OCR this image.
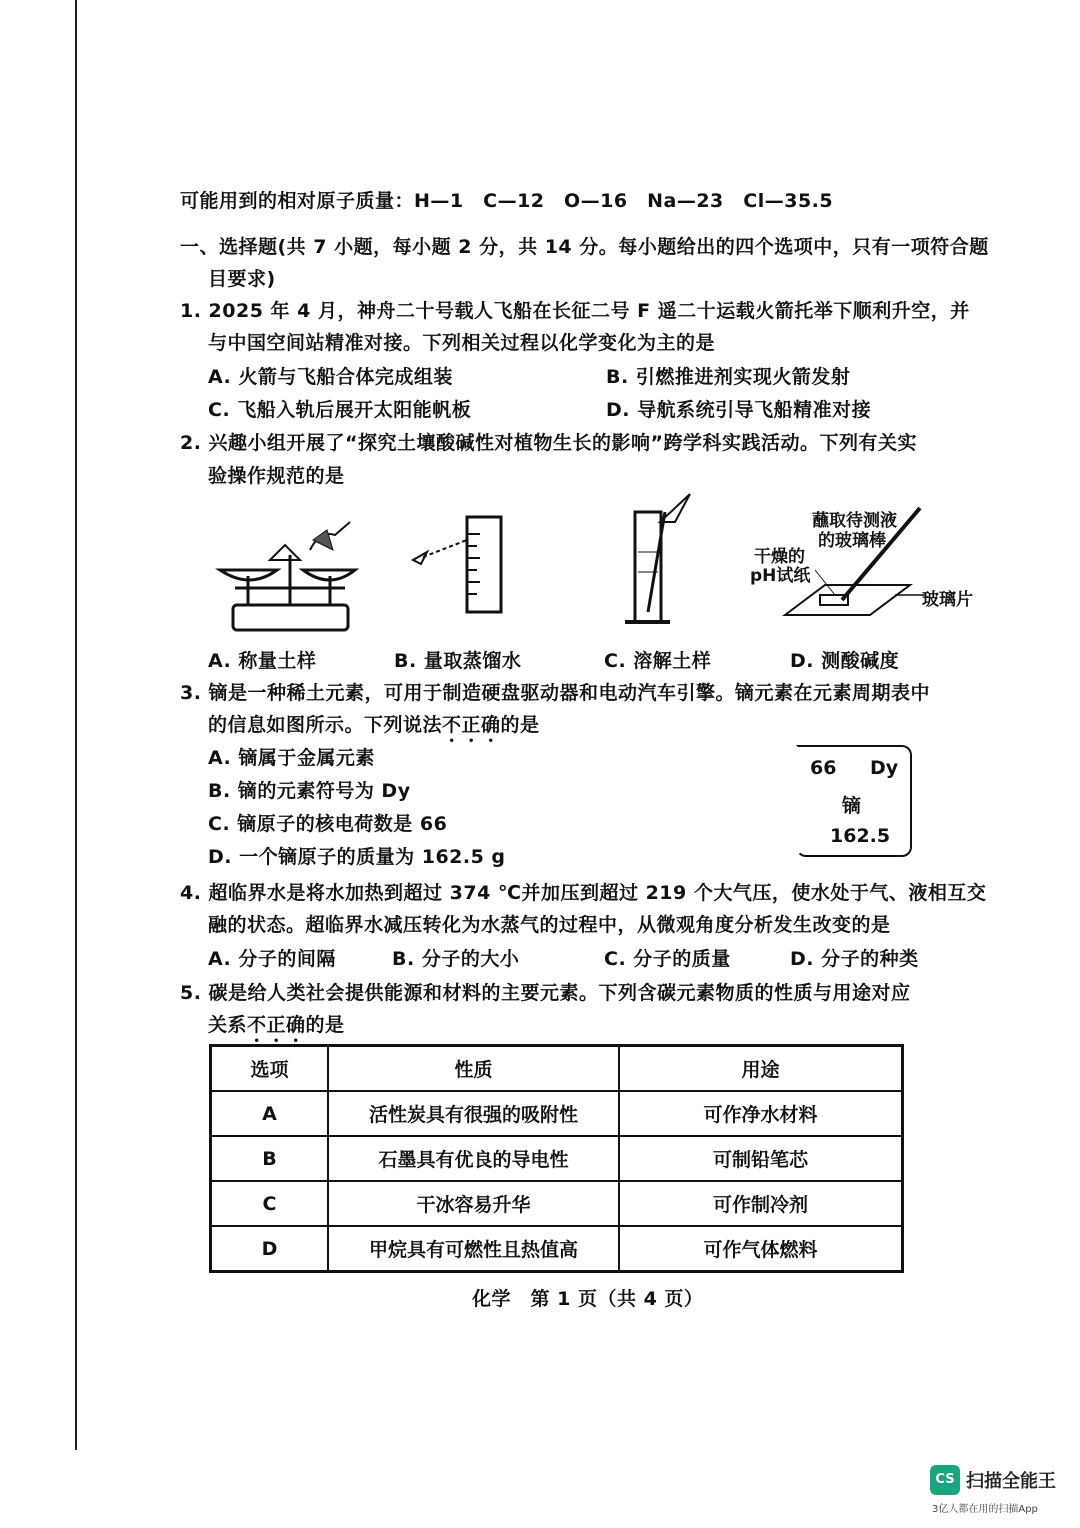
可能用到的相对原子质量：H—1　C—12　O—16　Na—23　Cl—35.5
一、选择题(共 7 小题，每小题 2 分，共 14 分。每小题给出的四个选项中，只有一项符合题
目要求)
1. 2025 年 4 月，神舟二十号载人飞船在长征二号 F 遥二十运载火箭托举下顺利升空，并
与中国空间站精准对接。下列相关过程以化学变化为主的是
A. 火箭与飞船合体完成组装	B. 引燃推进剂实现火箭发射
C. 飞船入轨后展开太阳能帆板	D. 导航系统引导飞船精准对接
2. 兴趣小组开展了“探究土壤酸碱性对植物生长的影响”跨学科实践活动。下列有关实
验操作规范的是
蘸取待测液
的玻璃棒
干燥的
pH试纸
玻璃片
A. 称量土样	B. 量取蒸馏水	C. 溶解土样	D. 测酸碱度
3. 镝是一种稀土元素，可用于制造硬盘驱动器和电动汽车引擎。镝元素在元素周期表中
的信息如图所示。下列说法不正确的是
A. 镝属于金属元素
B. 镝的元素符号为 Dy
C. 镝原子的核电荷数是 66
D. 一个镝原子的质量为 162.5 g
66 Dy
镝
162.5
4. 超临界水是将水加热到超过 374 ℃并加压到超过 219 个大气压，使水处于气、液相互交
融的状态。超临界水减压转化为水蒸气的过程中，从微观角度分析发生改变的是
A. 分子的间隔	B. 分子的大小	C. 分子的质量	D. 分子的种类
5. 碳是给人类社会提供能源和材料的主要元素。下列含碳元素物质的性质与用途对应
关系不正确的是
选项	性质	用途
A	活性炭具有很强的吸附性	可作净水材料
B	石墨具有优良的导电性	可制铅笔芯
C	干冰容易升华	可作制冷剂
D	甲烷具有可燃性且热值高	可作气体燃料
化学　第 1 页（共 4 页）
CS 扫描全能王
3亿人都在用的扫描App
